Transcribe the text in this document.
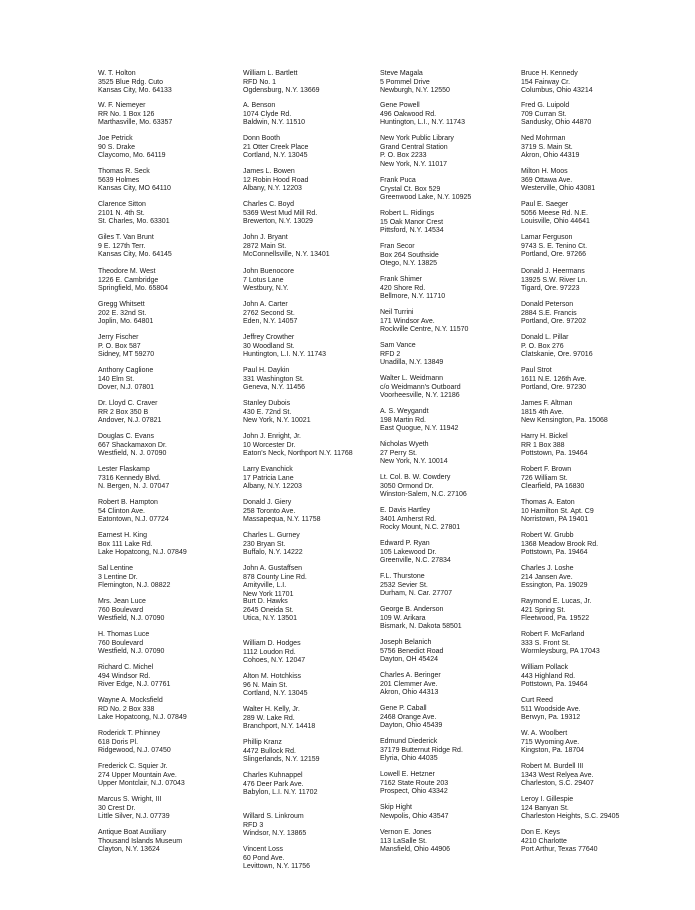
W. T. Holton
3525 Blue Rdg. Cuto
Kansas City, Mo. 64133
W. F. Niemeyer
RR No. 1 Box 126
Marthasville, Mo. 63357
Joe Petrick
90 S. Drake
Claycomo, Mo. 64119
Thomas R. Seck
5639 Holmes
Kansas City, MO 64110
Clarence Sitton
2101 N. 4th St.
St. Charles, Mo. 63301
Giles T. Van Brunt
9 E. 127th Terr.
Kansas City, Mo. 64145
Theodore M. West
1226 E. Cambridge
Springfield, Mo. 65804
Gregg Whitsett
202 E. 32nd St.
Joplin, Mo. 64801
Jerry Fischer
P. O. Box 587
Sidney, MT 59270
Anthony Caglione
140 Elm St.
Dover, N.J. 07801
Dr. Lloyd C. Craver
RR 2 Box 350 B
Andover, N.J. 07821
Douglas C. Evans
667 Shackamaxon Dr.
Westfield, N. J. 07090
Lester Flaskamp
7316 Kennedy Blvd.
N. Bergen, N. J. 07047
Robert B. Hampton
54 Clinton Ave.
Eatontown, N.J. 07724
Earnest H. King
Box 111 Lake Rd.
Lake Hopatcong, N.J. 07849
Sal Lentine
3 Lentine Dr.
Flemington, N.J. 08822
Mrs. Jean Luce
760 Boulevard
Westfield, N.J. 07090
H. Thomas Luce
760 Boulevard
Westfield, N.J. 07090
Richard C. Michel
494 Windsor Rd.
River Edge, N.J. 07761
Wayne A. Mocksfield
RD No. 2 Box 338
Lake Hopatcong, N.J. 07849
Roderick T. Phinney
618 Doris Pl.
Ridgewood, N.J. 07450
Frederick C. Squier Jr.
274 Upper Mountain Ave.
Upper Montclair, N.J. 07043
Marcus S. Wright, III
30 Crest Dr.
Little Silver, N.J. 07739
Antique Boat Auxiliary
Thousand Islands Museum
Clayton, N.Y. 13624
William L. Bartlett
RFD No. 1
Ogdensburg, N.Y. 13669
A. Benson
1074 Clyde Rd.
Baldwin, N.Y. 11510
Donn Booth
21 Otter Creek Place
Cortland, N.Y. 13045
James L. Bowen
12 Robin Hood Road
Albany, N.Y. 12203
Charles C. Boyd
5369 West Mud Mill Rd.
Brewerton, N.Y. 13029
John J. Bryant
2872 Main St.
McConnellsville, N.Y. 13401
John Buenocore
7 Lotus Lane
Westbury, N.Y.
John A. Carter
2762 Second St.
Eden, N.Y. 14057
Jeffrey Crowther
30 Woodland St.
Huntington, L.I. N.Y. 11743
Paul H. Daykin
331 Washington St.
Geneva, N.Y. 11456
Stanley Dubois
430 E. 72nd St.
New York, N.Y. 10021
John J. Enright, Jr.
10 Worcester Dr.
Eaton's Neck, Northport N.Y. 11768
Larry Evanchick
17 Patricia Lane
Albany, N.Y. 12203
Donald J. Giery
258 Toronto Ave.
Massapequa, N.Y. 11758
Charles L. Gurney
230 Bryan St.
Buffalo, N.Y. 14222
John A. Gustaffsen
878 County Line Rd.
Amityville, L.I.
New York 11701
Burt D. Hawks
2645 Oneida St.
Utica, N.Y. 13501
William D. Hodges
1112 Loudon Rd.
Cohoes, N.Y. 12047
Alton M. Hotchkiss
96 N. Main St.
Cortland, N.Y. 13045
Walter H. Kelly, Jr.
289 W. Lake Rd.
Branchport, N.Y. 14418
Phillip Kranz
4472 Bullock Rd.
Slingerlands, N.Y. 12159
Charles Kuhnappel
476 Deer Park Ave.
Babylon, L.I. N.Y. 11702
Willard S. Linkroum
RFD 3
Windsor, N.Y. 13865
Vincent Loss
60 Pond Ave.
Levittown, N.Y. 11756
Steve Magala
5 Pommel Drive
Newburgh, N.Y. 12550
Gene Powell
496 Oakwood Rd.
Huntington, L.I., N.Y. 11743
New York Public Library
Grand Central Station
P. O. Box 2233
New York, N.Y. 11017
Frank Puca
Crystal Ct. Box 529
Greenwood Lake, N.Y. 10925
Robert L. Ridings
15 Oak Manor Crest
Pittsford, N.Y. 14534
Fran Secor
Box 264 Southside
Otego, N.Y. 13825
Frank Shimer
420 Shore Rd.
Bellmore, N.Y. 11710
Neil Turrini
171 Windsor Ave.
Rockville Centre, N.Y. 11570
Sam Vance
RFD 2
Unadilla, N.Y. 13849
Walter L. Weidmann
c/o Weidmann's Outboard
Voorheesville, N.Y. 12186
A. S. Weygandt
198 Martin Rd.
East Quogue, N.Y. 11942
Nicholas Wyeth
27 Perry St.
New York, N.Y. 10014
Lt. Col. B. W. Cowdery
3050 Ormond Dr.
Winston-Salem, N.C. 27106
E. Davis Hartley
3401 Amherst Rd.
Rocky Mount, N.C. 27801
Edward P. Ryan
105 Lakewood Dr.
Greenville, N.C. 27834
F.L. Thurstone
2532 Sevier St.
Durham, N. Car. 27707
George B. Anderson
109 W. Arikara
Bismark, N. Dakota 58501
Joseph Belanich
5756 Benedict Road
Dayton, OH 45424
Charles A. Beringer
201 Clemmer Ave.
Akron, Ohio 44313
Gene P. Caball
2468 Orange Ave.
Dayton, Ohio 45439
Edmund Diederick
37179 Butternut Ridge Rd.
Elyria, Ohio 44035
Lowell E. Hetzner
7162 State Route 203
Prospect, Ohio 43342
Skip Hight
Newpolis, Ohio 43547
Vernon E. Jones
113 LaSalle St.
Mansfield, Ohio 44906
Bruce H. Kennedy
154 Fairway Cr.
Columbus, Ohio 43214
Fred G. Luipold
709 Curran St.
Sandusky, Ohio 44870
Ned Mohrman
3719 S. Main St.
Akron, Ohio 44319
Milton H. Moos
369 Ottawa Ave.
Westerville, Ohio 43081
Paul E. Saeger
5056 Meese Rd. N.E.
Louisville, Ohio 44641
Lamar Ferguson
9743 S. E. Tenino Ct.
Portland, Ore. 97266
Donald J. Heermans
13925 S.W. River Ln.
Tigard, Ore. 97223
Donald Peterson
2884 S.E. Francis
Portland, Ore. 97202
Donald L. Pillar
P. O. Box 276
Clatskanie, Ore. 97016
Paul Strot
1611 N.E. 126th Ave.
Portland, Ore. 97230
James F. Altman
1815 4th Ave.
New Kensington, Pa. 15068
Harry H. Bickel
RR 1 Box 388
Pottstown, Pa. 19464
Robert F. Brown
726 William St.
Clearfield, PA 16830
Thomas A. Eaton
10 Hamilton St. Apt. C9
Norristown, PA 19401
Robert W. Grubb
1368 Meadow Brook Rd.
Pottstown, Pa. 19464
Charles J. Loshe
214 Jansen Ave.
Essington, Pa. 19029
Raymond E. Lucas, Jr.
421 Spring St.
Fleetwood, Pa. 19522
Robert F. McFarland
333 S. Front St.
Wormleysburg, PA 17043
William Pollack
443 Highland Rd.
Pottstown, Pa. 19464
Curt Reed
511 Woodside Ave.
Berwyn, Pa. 19312
W. A. Woolbert
715 Wyoming Ave.
Kingston, Pa. 18704
Robert M. Burdell III
1343 West Relyea Ave.
Charleston, S.C. 29407
Leroy I. Gillespie
124 Banyan St.
Charleston Heights, S.C. 29405
Don E. Keys
4210 Charlotte
Port Arthur, Texas 77640
